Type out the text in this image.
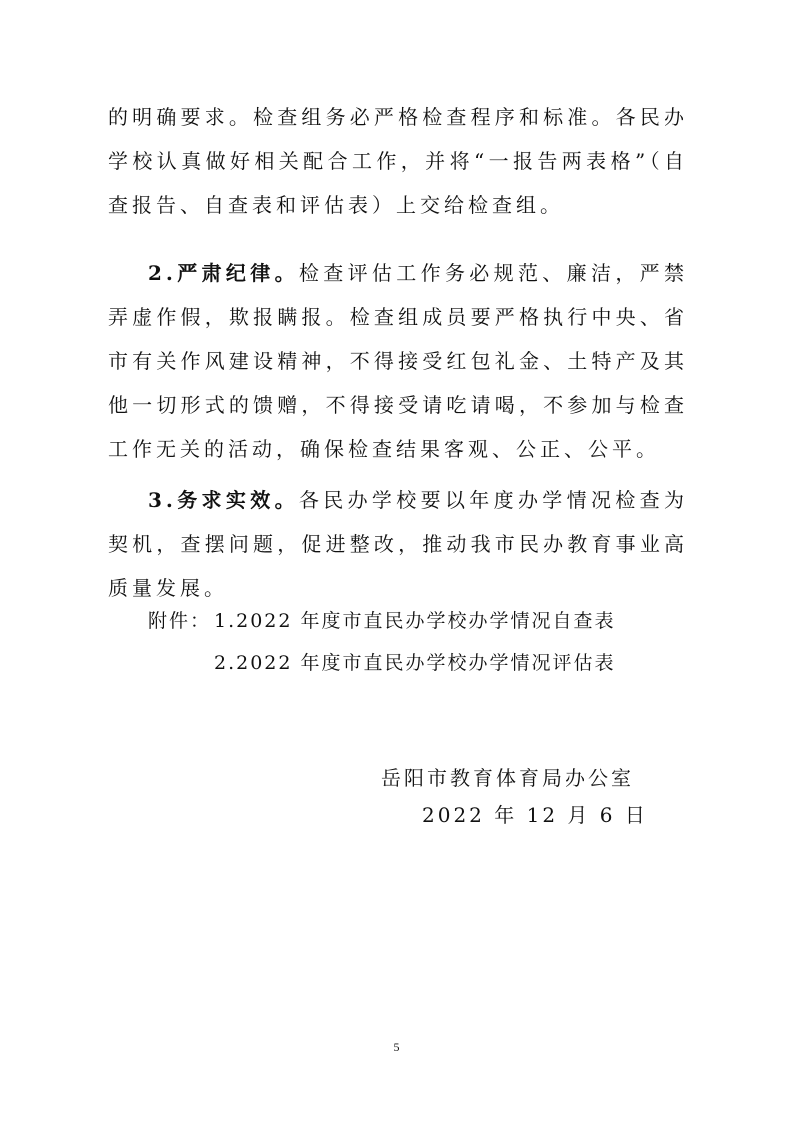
的明确要求。检查组务必严格检查程序和标准。各民办学校认真做好相关配合工作，并将“一报告两表格”（自查报告、自查表和评估表）上交给检查组。

2.严肃纪律。检查评估工作务必规范、廉洁，严禁弄虚作假，欺报瞒报。检查组成员要严格执行中央、省市有关作风建设精神，不得接受红包礼金、土特产及其他一切形式的馈赠，不得接受请吃请喝，不参加与检查工作无关的活动，确保检查结果客观、公正、公平。

3.务求实效。各民办学校要以年度办学情况检查为契机，查摆问题，促进整改，推动我市民办教育事业高质量发展。

附件： 1.2022 年度市直民办学校办学情况自查表
2.2022 年度市直民办学校办学情况评估表
岳阳市教育体育局办公室
2022 年 12 月 6 日
5
